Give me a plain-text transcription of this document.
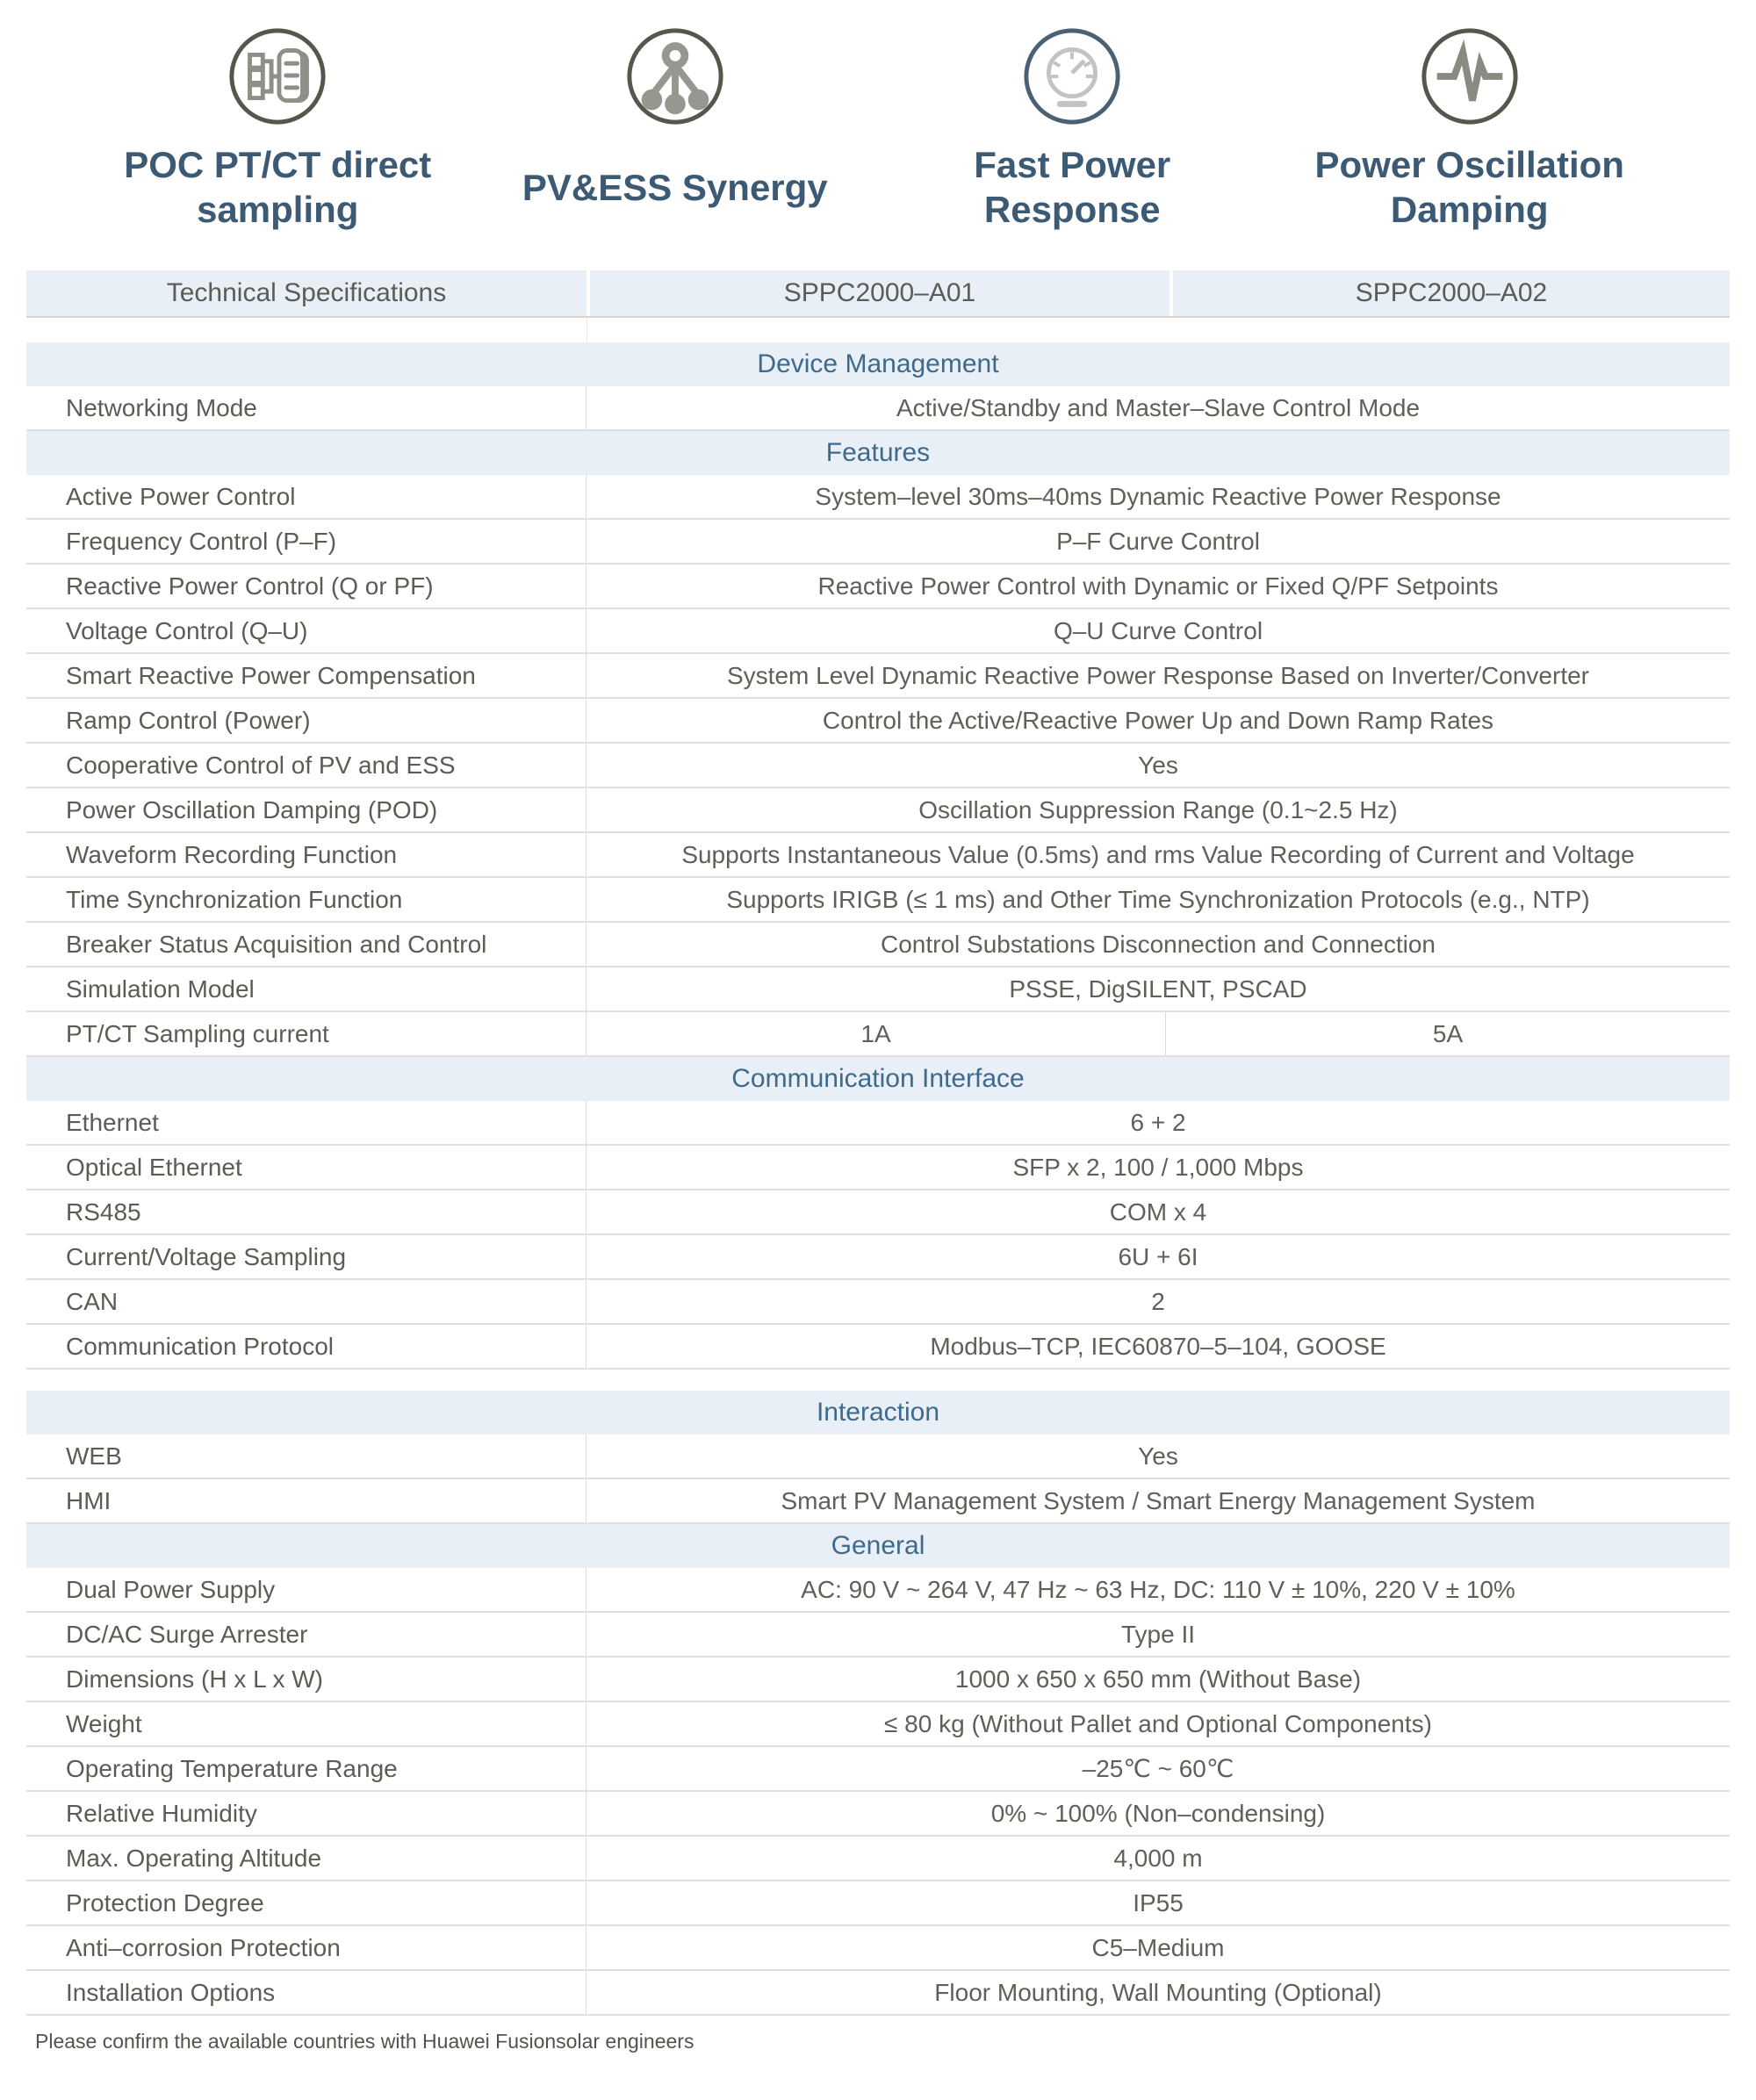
POC PT/CT direct sampling
PV&ESS Synergy
Fast Power Response
Power Oscillation Damping
Technical Specifications	SPPC2000–A01	SPPC2000–A02
Device Management
Networking Mode	Active/Standby and Master–Slave Control Mode
Features
Active Power Control	System–level 30ms–40ms Dynamic Reactive Power Response
Frequency Control (P–F)	P–F Curve Control
Reactive Power Control (Q or PF)	Reactive Power Control with Dynamic or Fixed Q/PF Setpoints
Voltage Control (Q–U)	Q–U Curve Control
Smart Reactive Power Compensation	System Level Dynamic Reactive Power Response Based on Inverter/Converter
Ramp Control (Power)	Control the Active/Reactive Power Up and Down Ramp Rates
Cooperative Control of PV and ESS	Yes
Power Oscillation Damping (POD)	Oscillation Suppression Range (0.1~2.5 Hz)
Waveform Recording Function	Supports Instantaneous Value (0.5ms) and rms Value Recording of Current and Voltage
Time Synchronization Function	Supports IRIGB (≤ 1 ms) and Other Time Synchronization Protocols (e.g., NTP)
Breaker Status Acquisition and Control	Control Substations Disconnection and Connection
Simulation Model	PSSE, DigSILENT, PSCAD
PT/CT Sampling current	1A	5A
Communication Interface
Ethernet	6 + 2
Optical Ethernet	SFP x 2, 100 / 1,000 Mbps
RS485	COM x 4
Current/Voltage Sampling	6U + 6I
CAN	2
Communication Protocol	Modbus–TCP, IEC60870–5–104, GOOSE
Interaction
WEB	Yes
HMI	Smart PV Management System / Smart Energy Management System
General
Dual Power Supply	AC: 90 V ~ 264 V, 47 Hz ~ 63 Hz, DC: 110 V ± 10%, 220 V ± 10%
DC/AC Surge Arrester	Type II
Dimensions (H x L x W)	1000 x 650 x 650 mm (Without Base)
Weight	≤ 80 kg (Without Pallet and Optional Components)
Operating Temperature Range	–25℃ ~ 60℃
Relative Humidity	0% ~ 100% (Non–condensing)
Max. Operating Altitude	4,000 m
Protection Degree	IP55
Anti–corrosion Protection	C5–Medium
Installation Options	Floor Mounting, Wall Mounting (Optional)
Please confirm the available countries with Huawei Fusionsolar engineers
